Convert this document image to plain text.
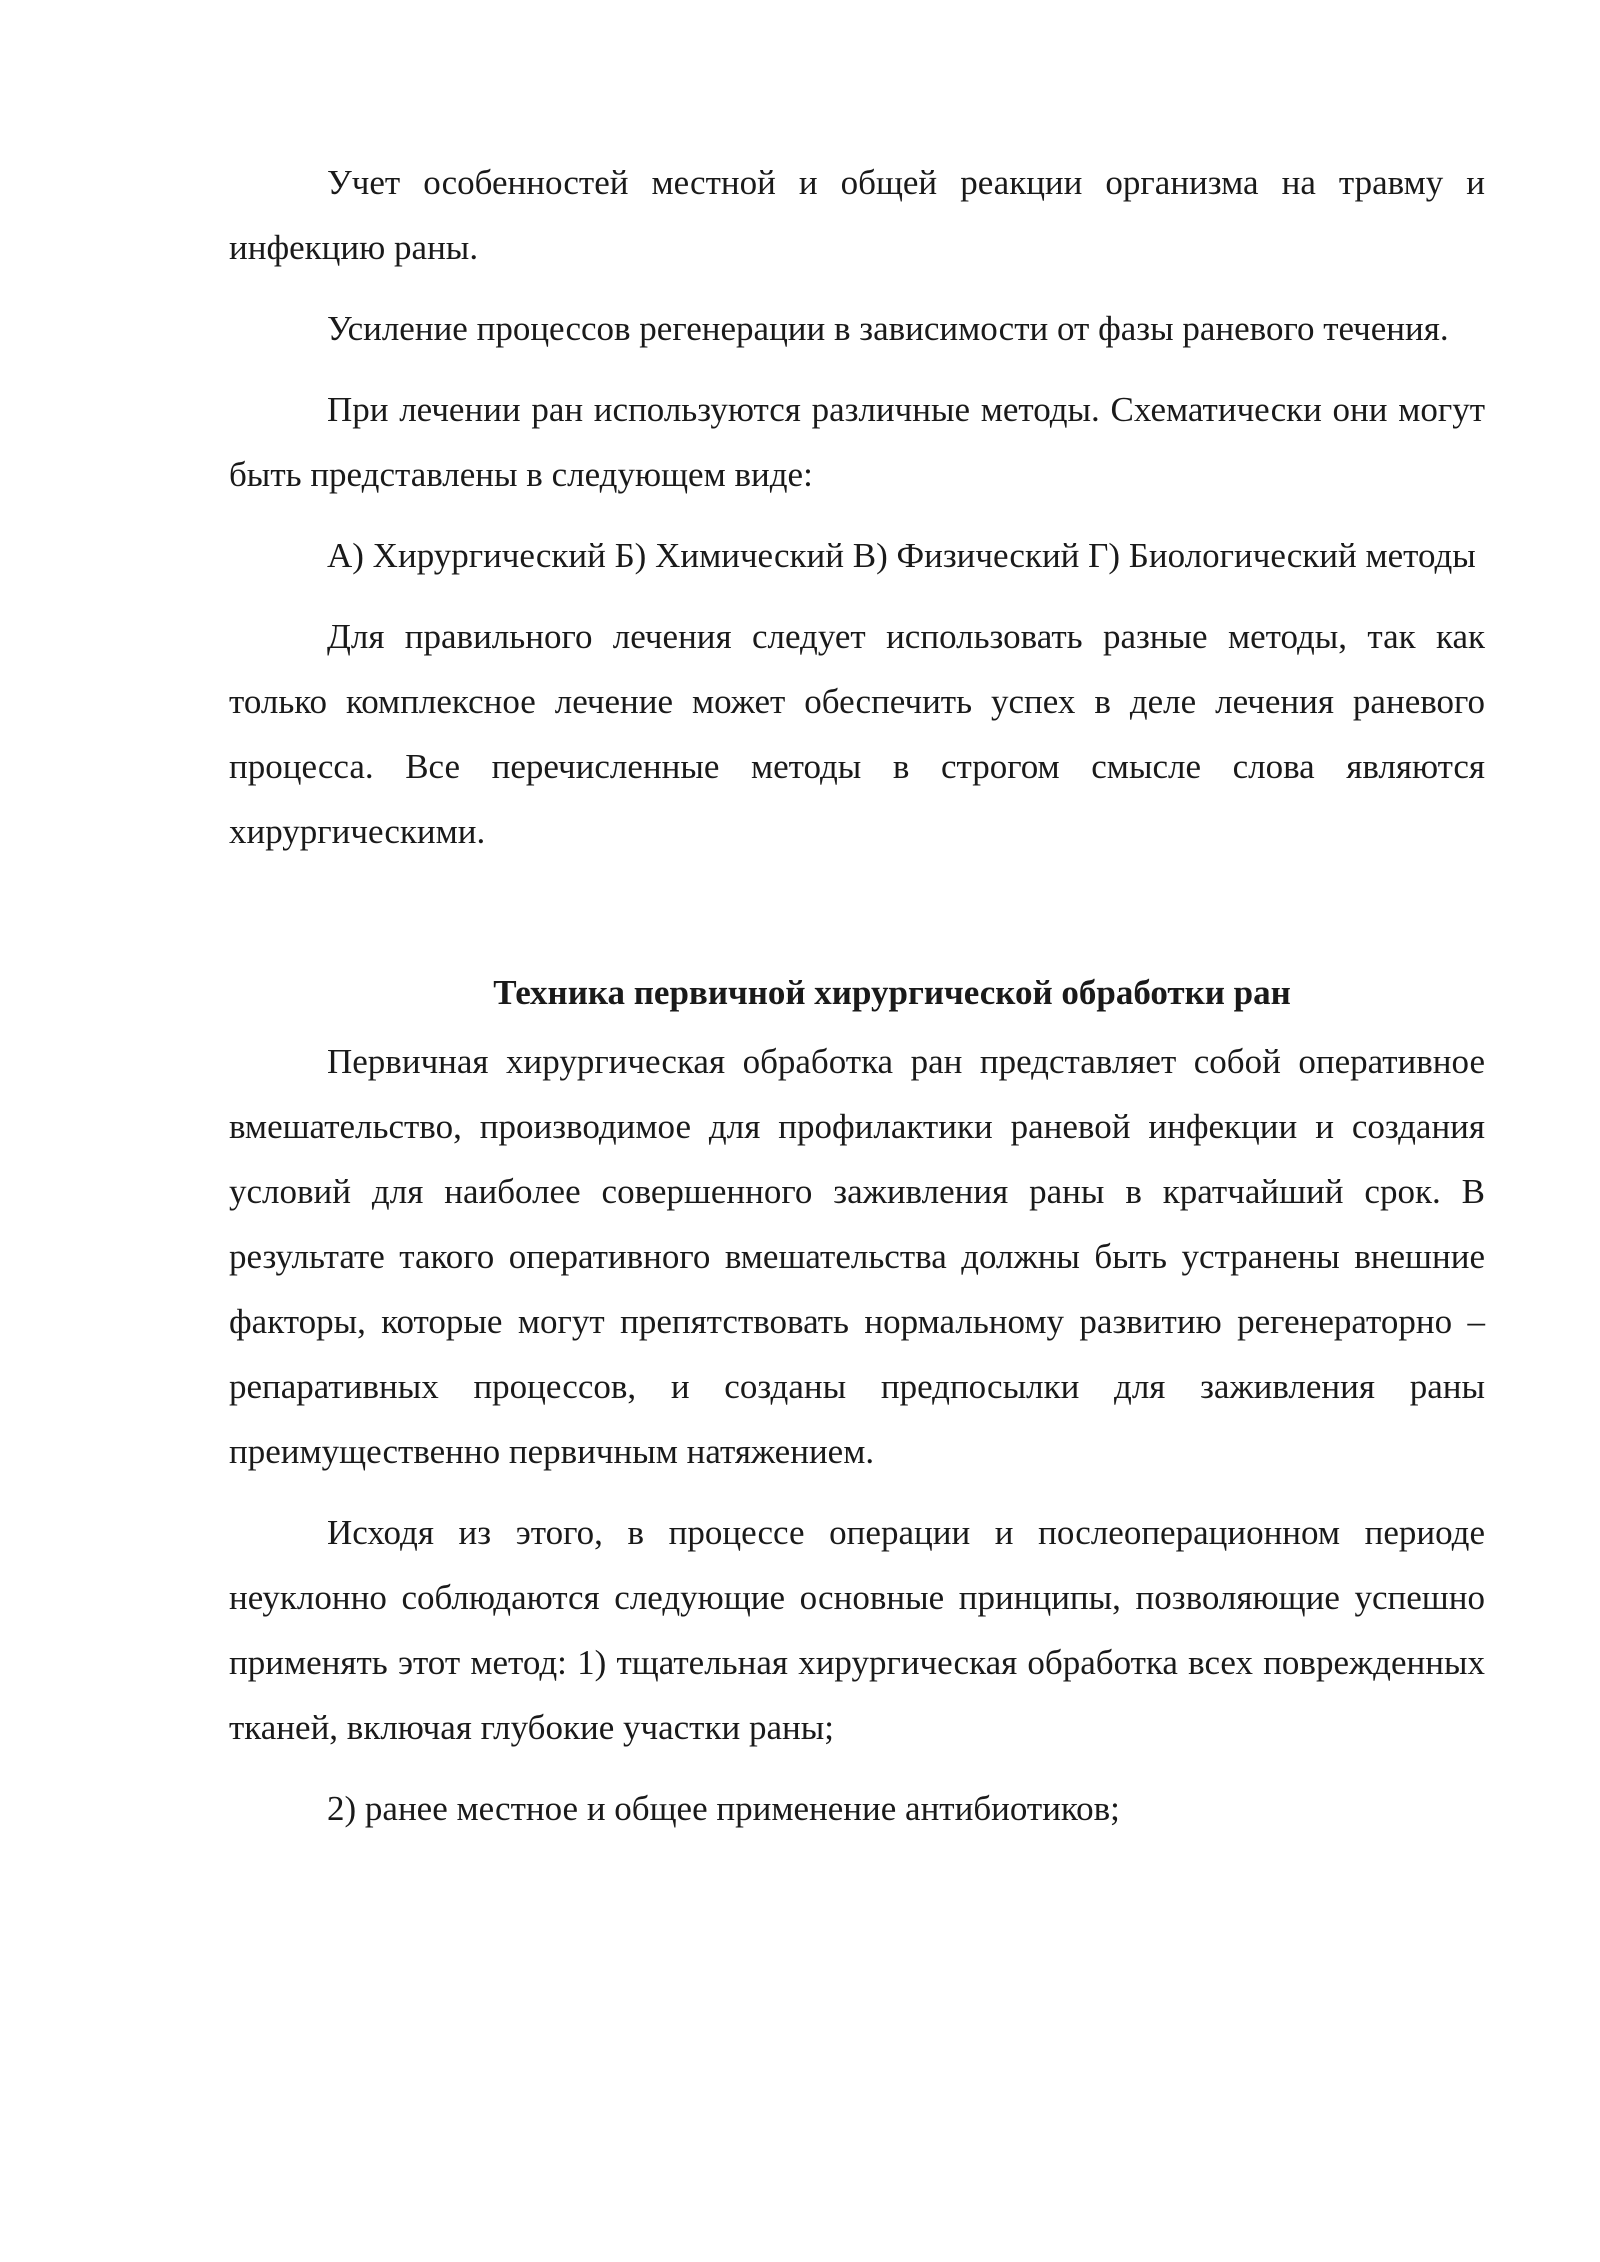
Учет особенностей местной и общей реакции организма на травму и инфекцию раны.

Усиление процессов регенерации в зависимости от фазы раневого течения.

При лечении ран используются различные методы. Схематически они могут быть представлены в следующем виде:

А) Хирургический Б) Химический В) Физический Г) Биологический методы

Для правильного лечения следует использовать разные методы, так как только комплексное лечение может обеспечить успех в деле лечения раневого процесса. Все перечисленные методы в строгом смысле слова являются хирургическими.

Техника первичной хирургической обработки ран

Первичная хирургическая обработка ран представляет собой оперативное вмешательство, производимое для профилактики раневой инфекции и создания условий для наиболее совершенного заживления раны в кратчайший срок. В результате такого оперативного вмешательства должны быть устранены внешние факторы, которые могут препятствовать нормальному развитию регенераторно – репаративных процессов, и созданы предпосылки для заживления раны преимущественно первичным натяжением.

Исходя из этого, в процессе операции и послеоперационном периоде неуклонно соблюдаются следующие основные принципы, позволяющие успешно применять этот метод: 1) тщательная хирургическая обработка всех поврежденных тканей, включая глубокие участки раны;

2) ранее местное и общее применение антибиотиков;
